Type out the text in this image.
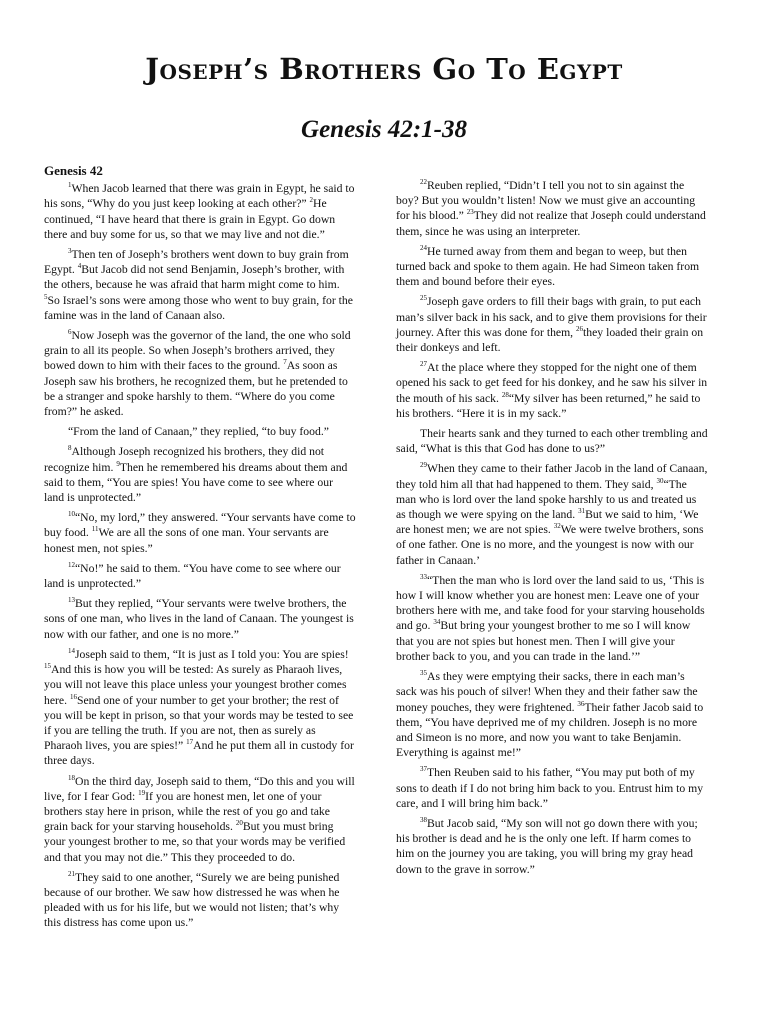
Joseph’s Brothers Go To Egypt
Genesis 42:1-38
Genesis 42

$^1$When Jacob learned that there was grain in Egypt, he said to his sons, “Why do you just keep looking at each other?” $^2$He continued, “I have heard that there is grain in Egypt. Go down there and buy some for us, so that we may live and not die.”

$^3$Then ten of Joseph’s brothers went down to buy grain from Egypt. $^4$But Jacob did not send Benjamin, Joseph’s brother, with the others, because he was afraid that harm might come to him. $^5$So Israel’s sons were among those who went to buy grain, for the famine was in the land of Canaan also.

$^6$Now Joseph was the governor of the land, the one who sold grain to all its people. So when Joseph’s brothers arrived, they bowed down to him with their faces to the ground. $^7$As soon as Joseph saw his brothers, he recognized them, but he pretended to be a stranger and spoke harshly to them. “Where do you come from?” he asked.

“From the land of Canaan,” they replied, “to buy food.”

$^8$Although Joseph recognized his brothers, they did not recognize him. $^9$Then he remembered his dreams about them and said to them, “You are spies! You have come to see where our land is unprotected.”

$^{10}$“No, my lord,” they answered. “Your servants have come to buy food. $^{11}$We are all the sons of one man. Your servants are honest men, not spies.”

$^{12}$“No!” he said to them. “You have come to see where our land is unprotected.”

$^{13}$But they replied, “Your servants were twelve brothers, the sons of one man, who lives in the land of Canaan. The youngest is now with our father, and one is no more.”

$^{14}$Joseph said to them, “It is just as I told you: You are spies! $^{15}$And this is how you will be tested: As surely as Pharaoh lives, you will not leave this place unless your youngest brother comes here. $^{16}$Send one of your number to get your brother; the rest of you will be kept in prison, so that your words may be tested to see if you are telling the truth. If you are not, then as surely as Pharaoh lives, you are spies!” $^{17}$And he put them all in custody for three days.

$^{18}$On the third day, Joseph said to them, “Do this and you will live, for I fear God: $^{19}$If you are honest men, let one of your brothers stay here in prison, while the rest of you go and take grain back for your starving households. $^{20}$But you must bring your youngest brother to me, so that your words may be verified and that you may not die.” This they proceeded to do.

$^{21}$They said to one another, “Surely we are being punished because of our brother. We saw how distressed he was when he pleaded with us for his life, but we would not listen; that’s why this distress has come upon us.”

$^{22}$Reuben replied, “Didn’t I tell you not to sin against the boy? But you wouldn’t listen! Now we must give an accounting for his blood.” $^{23}$They did not realize that Joseph could understand them, since he was using an interpreter.

$^{24}$He turned away from them and began to weep, but then turned back and spoke to them again. He had Simeon taken from them and bound before their eyes.

$^{25}$Joseph gave orders to fill their bags with grain, to put each man’s silver back in his sack, and to give them provisions for their journey. After this was done for them, $^{26}$they loaded their grain on their donkeys and left.

$^{27}$At the place where they stopped for the night one of them opened his sack to get feed for his donkey, and he saw his silver in the mouth of his sack. $^{28}$“My silver has been returned,” he said to his brothers. “Here it is in my sack.”

Their hearts sank and they turned to each other trembling and said, “What is this that God has done to us?”

$^{29}$When they came to their father Jacob in the land of Canaan, they told him all that had happened to them. They said, $^{30}$“The man who is lord over the land spoke harshly to us and treated us as though we were spying on the land. $^{31}$But we said to him, ‘We are honest men; we are not spies. $^{32}$We were twelve brothers, sons of one father. One is no more, and the youngest is now with our father in Canaan.’

$^{33}$“Then the man who is lord over the land said to us, ‘This is how I will know whether you are honest men: Leave one of your brothers here with me, and take food for your starving households and go. $^{34}$But bring your youngest brother to me so I will know that you are not spies but honest men. Then I will give your brother back to you, and you can trade in the land.’”

$^{35}$As they were emptying their sacks, there in each man’s sack was his pouch of silver! When they and their father saw the money pouches, they were frightened. $^{36}$Their father Jacob said to them, “You have deprived me of my children. Joseph is no more and Simeon is no more, and now you want to take Benjamin. Everything is against me!”

$^{37}$Then Reuben said to his father, “You may put both of my sons to death if I do not bring him back to you. Entrust him to my care, and I will bring him back.”

$^{38}$But Jacob said, “My son will not go down there with you; his brother is dead and he is the only one left. If harm comes to him on the journey you are taking, you will bring my gray head down to the grave in sorrow.”
